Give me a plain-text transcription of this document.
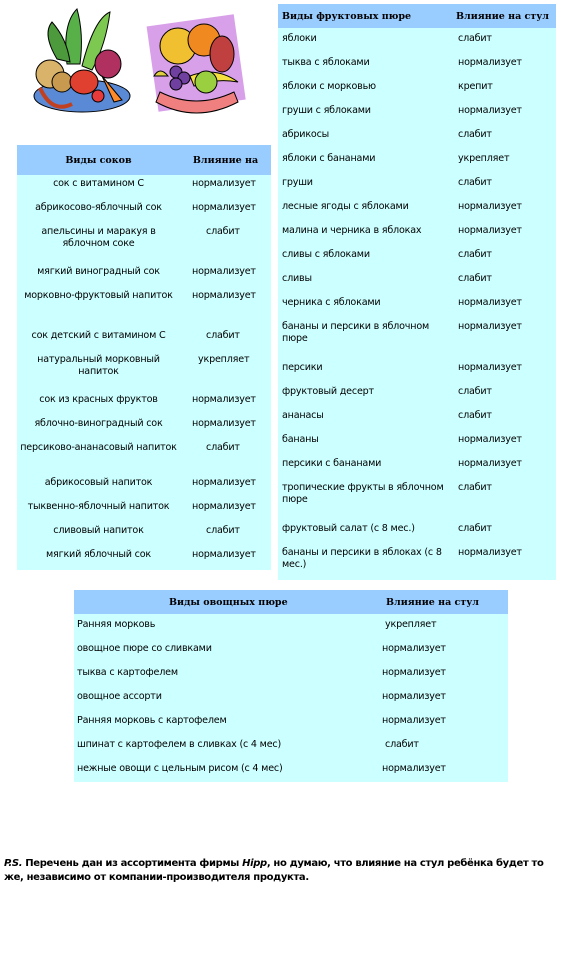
Виды соков	Влияние на
сок с витамином С	нормализует
абрикосово-яблочный сок	нормализует
апельсины и маракуя в яблочном соке	слабит
мягкий виноградный сок	нормализует
морковно-фруктовый напиток	нормализует
сок детский с витамином С	слабит
натуральный морковный напиток	укрепляет
сок из красных фруктов	нормализует
яблочно-виноградный сок	нормализует
персиково-ананасовый напиток	слабит
абрикосовый напиток	нормализует
тыквенно-яблочный напиток	нормализует
сливовый напиток	слабит
мягкий яблочный сок	нормализует
Виды фруктовых пюре	Влияние на стул
яблоки	слабит
тыква с яблоками	нормализует
яблоки с морковью	крепит
груши с яблоками	нормализует
абрикосы	слабит
яблоки с бананами	укрепляет
груши	слабит
лесные ягоды с яблоками	нормализует
малина и черника в яблоках	нормализует
сливы с яблоками	слабит
сливы	слабит
черника с яблоками	нормализует
бананы и персики в яблочном пюре	нормализует
персики	нормализует
фруктовый десерт	слабит
ананасы	слабит
бананы	нормализует
персики с бананами	нормализует
тропические фрукты в яблочном пюре	слабит
фруктовый салат (с 8 мес.)	слабит
бананы и персики в яблоках (с 8 мес.)	нормализует
Виды овощных пюре	Влияние на стул
Ранняя морковь	укрепляет
овощное пюре со сливками	нормализует
тыква с картофелем	нормализует
овощное ассорти	нормализует
Ранняя морковь с картофелем	нормализует
шпинат с картофелем в сливках (с 4 мес)	слабит
нежные овощи с цельным рисом (с 4 мес)	нормализует
P.S. Перечень дан из ассортимента фирмы Hipp, но думаю, что влияние на стул ребёнка будет то же, независимо от компании-производителя продукта.
